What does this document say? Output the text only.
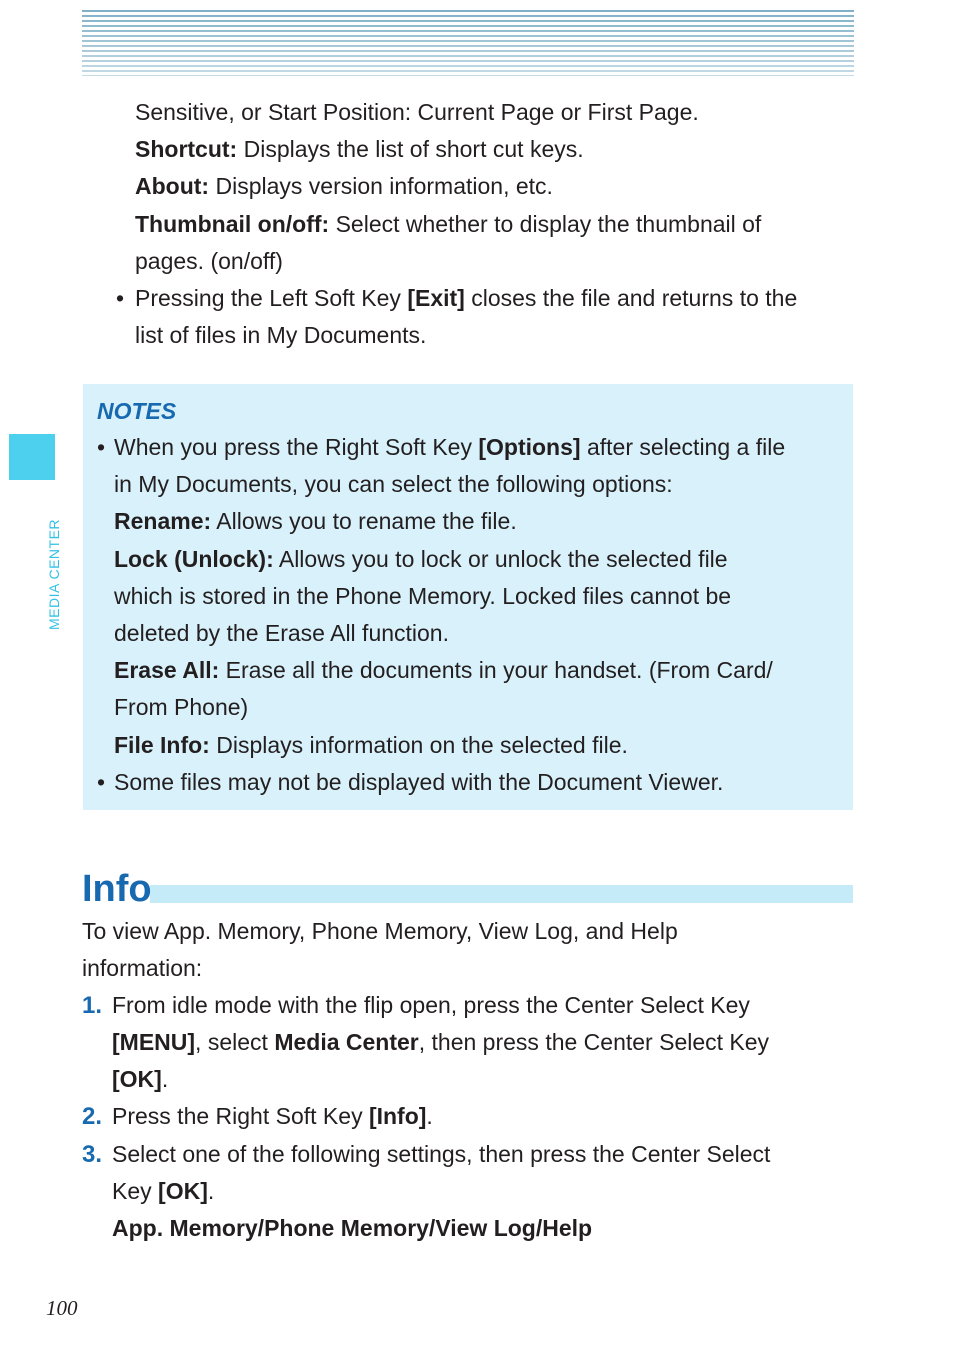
MEDIA CENTER

Sensitive, or Start Position: Current Page or First Page.

Shortcut: Displays the list of short cut keys.

About: Displays version information, etc.

Thumbnail on/off: Select whether to display the thumbnail of

pages. (on/off)

• Pressing the Left Soft Key [Exit] closes the file and returns to the

list of files in My Documents.

NOTES
• When you press the Right Soft Key [Options] after selecting a file

in My Documents, you can select the following options:

Rename: Allows you to rename the file.

Lock (Unlock): Allows you to lock or unlock the selected file

which is stored in the Phone Memory. Locked files cannot be

deleted by the Erase All function.

Erase All: Erase all the documents in your handset. (From Card/

From Phone)

File Info: Displays information on the selected file.

• Some files may not be displayed with the Document Viewer.

Info

To view App. Memory, Phone Memory, View Log, and Help

information:

1. From idle mode with the flip open, press the Center Select Key

[MENU], select Media Center, then press the Center Select Key

[OK].

2. Press the Right Soft Key [Info].

3. Select one of the following settings, then press the Center Select

Key [OK].

App. Memory/Phone Memory/View Log/Help

100
